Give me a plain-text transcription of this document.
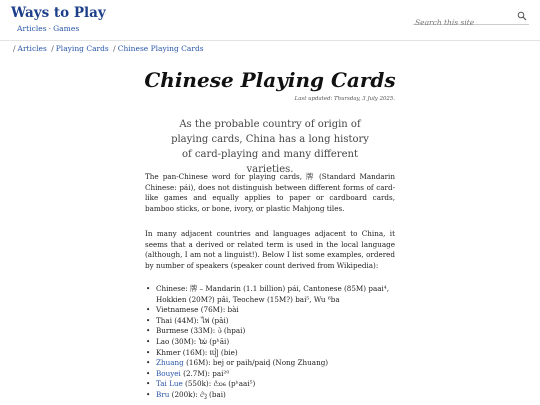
Ways to Play
Articles · Games
Search this site
/ Articles / Playing Cards / Chinese Playing Cards
Chinese Playing Cards
Last updated: Thursday, 3 July 2025.
As the probable country of origin of playing cards, China has a long history of card-playing and many different varieties.

The pan-Chinese word for playing cards, 牌 (Standard Mandarin Chinese: pái), does not distinguish between different forms of card-like games and equally applies to paper or cardboard cards, bamboo sticks, or bone, ivory, or plastic Mahjong tiles.

In many adjacent countries and languages adjacent to China, it seems that a derived or related term is used in the local language (although, I am not a linguist!). Below I list some examples, ordered by number of speakers (speaker count derived from Wikipedia):

• Chinese: 牌 – Mandarin (1.1 billion) pái, Cantonese (85M) paai⁴, Hokkien (20M?) pâi, Teochew (15M?) bai⁵, Wu ⁶ba
• Vietnamese (76M): bài
• Thai (44M): ไพ่ (pâi)
• Burmese (33M): ဖဲ (hpai)
• Lao (30M): ໄພ່ (pʰāi)
• Khmer (16M): បៀ (bie)
• Zhuang (16M): bej or paih/paiḑ (Nong Zhuang)
• Bouyei (2.7M): pai²⁰
• Tai Lue (550k): ᦺᦘᧈ (pʰaai⁵)
• Bru (200k): ᦺᦡ (bai)
